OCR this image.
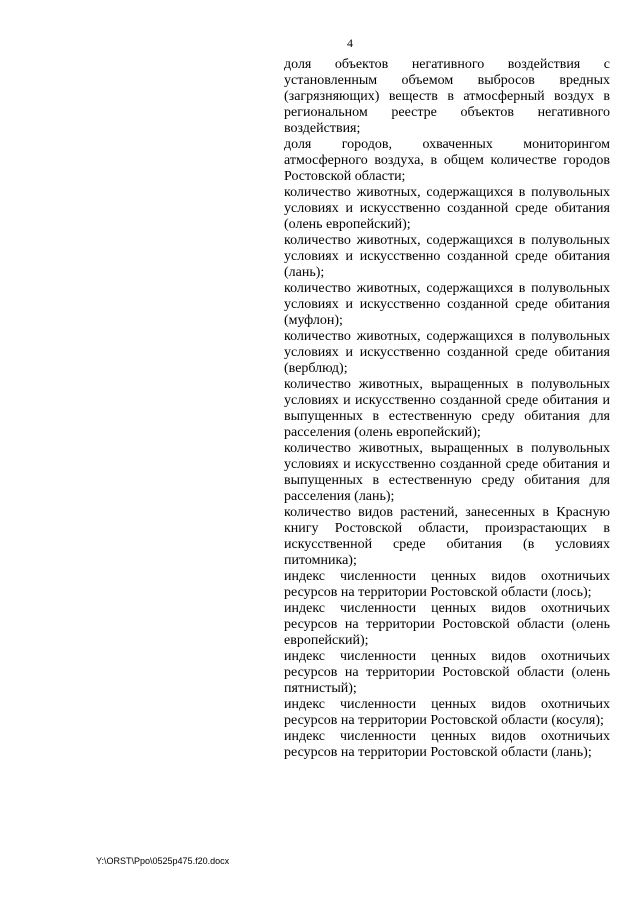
4

доля объектов негативного воздействия с установленным объемом выбросов вредных (загрязняющих) веществ в атмосферный воздух в региональном реестре объектов негативного воздействия;

доля городов, охваченных мониторингом атмосферного воздуха, в общем количестве городов Ростовской области;

количество животных, содержащихся в полувольных условиях и искусственно созданной среде обитания (олень европейский);

количество животных, содержащихся в полувольных условиях и искусственно созданной среде обитания (лань);

количество животных, содержащихся в полувольных условиях и искусственно созданной среде обитания (муфлон);

количество животных, содержащихся в полувольных условиях и искусственно созданной среде обитания (верблюд);

количество животных, выращенных в полувольных условиях и искусственно созданной среде обитания и выпущенных в естественную среду обитания для расселения (олень европейский);

количество животных, выращенных в полувольных условиях и искусственно созданной среде обитания и выпущенных в естественную среду обитания для расселения (лань);

количество видов растений, занесенных в Красную книгу Ростовской области, произрастающих в искусственной среде обитания (в условиях питомника);

индекс численности ценных видов охотничьих ресурсов на территории Ростовской области (лось);

индекс численности ценных видов охотничьих ресурсов на территории Ростовской области (олень европейский);

индекс численности ценных видов охотничьих ресурсов на территории Ростовской области (олень пятнистый);

индекс численности ценных видов охотничьих ресурсов на территории Ростовской области (косуля);

индекс численности ценных видов охотничьих ресурсов на территории Ростовской области (лань);

Y:\ORST\Ppo\0525p475.f20.docx
